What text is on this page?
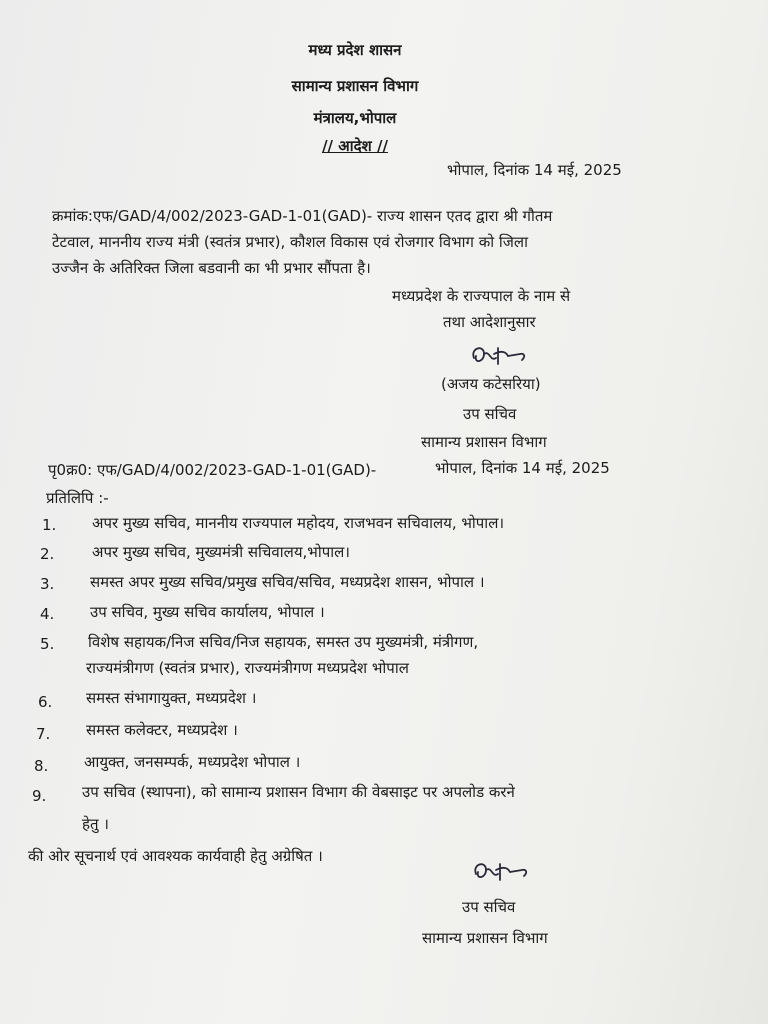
मध्य प्रदेश शासन
सामान्य प्रशासन विभाग
मंत्रालय,भोपाल
// आदेश //
भोपाल, दिनांक 14 मई, 2025
क्रमांक:एफ/GAD/4/002/2023-GAD-1-01(GAD)- राज्य शासन एतद द्वारा श्री गौतम
टेटवाल, माननीय राज्य मंत्री (स्वतंत्र प्रभार), कौशल विकास एवं रोजगार विभाग को जिला
उज्जैन के अतिरिक्त जिला बडवानी का भी प्रभार सौंपता है।
मध्यप्रदेश के राज्यपाल के नाम से
तथा आदेशानुसार
(अजय कटेसरिया)
उप सचिव
सामान्य प्रशासन विभाग
पृ0क्र0: एफ/GAD/4/002/2023-GAD-1-01(GAD)-	भोपाल, दिनांक 14 मई, 2025
प्रतिलिपि :-
1. अपर मुख्य सचिव, माननीय राज्यपाल महोदय, राजभवन सचिवालय, भोपाल।
2.	अपर मुख्य सचिव, मुख्यमंत्री सचिवालय,भोपाल।
3. समस्त अपर मुख्य सचिव/प्रमुख सचिव/सचिव, मध्यप्रदेश शासन, भोपाल ।
4. उप सचिव, मुख्य सचिव कार्यालय, भोपाल ।
5. विशेष सहायक/निज सचिव/निज सहायक, समस्त उप मुख्यमंत्री, मंत्रीगण,
राज्यमंत्रीगण (स्वतंत्र प्रभार), राज्यमंत्रीगण मध्यप्रदेश भोपाल
6. समस्त संभागायुक्त, मध्यप्रदेश ।
7. समस्त कलेक्टर, मध्यप्रदेश ।
8. आयुक्त, जनसम्पर्क, मध्यप्रदेश भोपाल ।
9. उप सचिव (स्थापना), को सामान्य प्रशासन विभाग की वेबसाइट पर अपलोड करने
हेतु ।
की ओर सूचनार्थ एवं आवश्यक कार्यवाही हेतु अग्रेषित ।
उप सचिव
सामान्य प्रशासन विभाग
